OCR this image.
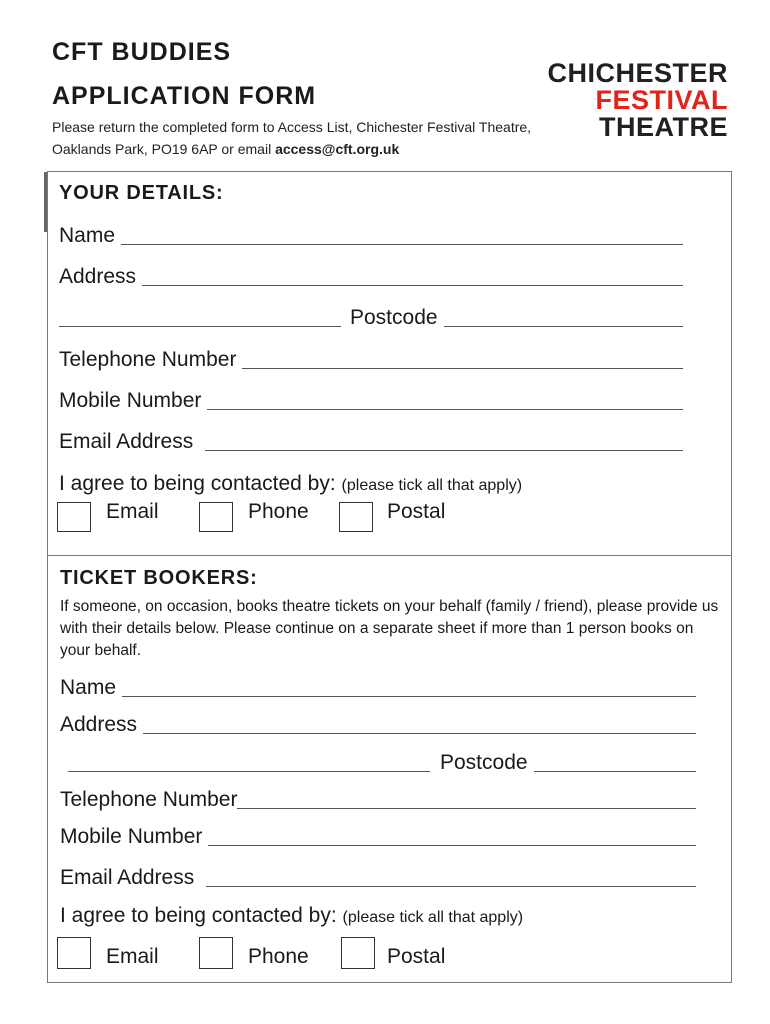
CFT BUDDIES
APPLICATION FORM
Please return the completed form to Access List, Chichester Festival Theatre, Oaklands Park, PO19 6AP or email access@cft.org.uk
CHICHESTER
FESTIVAL
THEATRE
YOUR DETAILS:
Name
Address
Postcode
Telephone Number
Mobile Number
Email Address
I agree to being contacted by: (please tick all that apply)
Email	Phone	Postal
TICKET BOOKERS:
If someone, on occasion, books theatre tickets on your behalf (family / friend), please provide us with their details below. Please continue on a separate sheet if more than 1 person books on your behalf.
Name
Address
Postcode
Telephone Number
Mobile Number
Email Address
I agree to being contacted by: (please tick all that apply)
Email	Phone	Postal
